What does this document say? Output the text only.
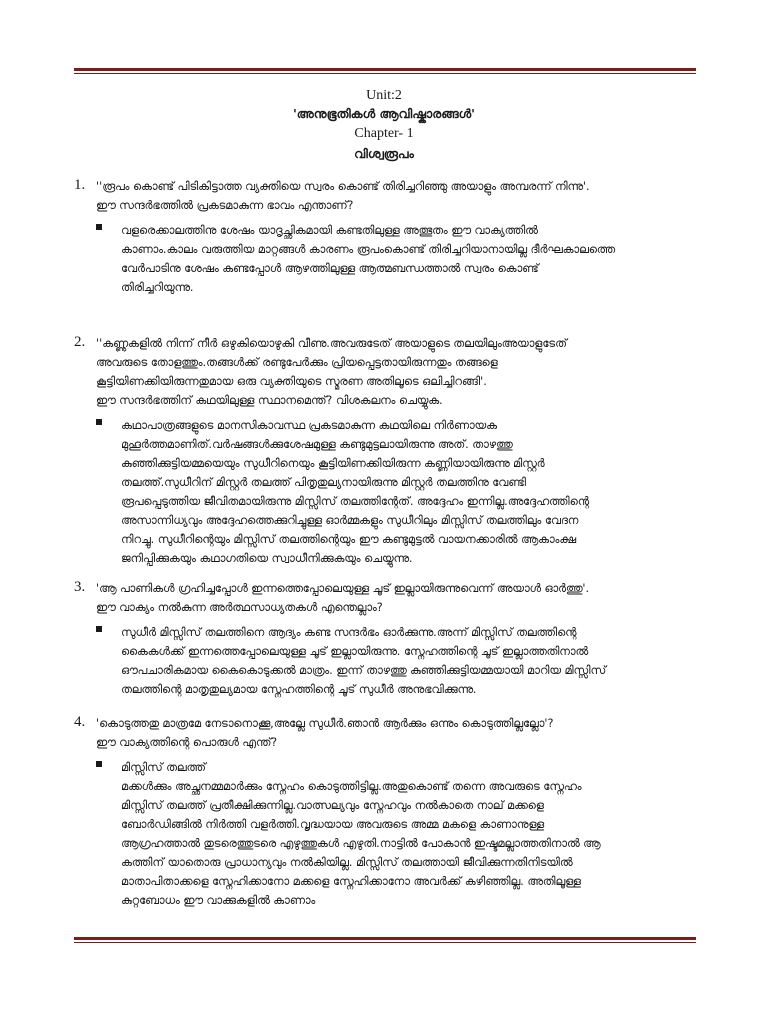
Unit:2
'അനുഭൂതികൾ ആവിഷ്കാരങ്ങൾ'
Chapter- 1
വിശ്വരൂപം
1. ''രൂപം കൊണ്ട് പിടികിട്ടാത്ത വ്യക്തിയെ സ്വരം കൊണ്ട് തിരിച്ചറിഞ്ഞു അയാളും അമ്പരന്ന് നിന്നു'.
ഈ സന്ദർഭത്തിൽ പ്രകടമാകുന്ന ഭാവം എന്താണ്?
വളരെക്കാലത്തിനു ശേഷം യാദൃച്ഛികമായി കണ്ടതിലുള്ള അത്ഭുതം ഈ വാക്യത്തിൽ
കാണാം.കാലം വരുത്തിയ മാറ്റങ്ങൾ കാരണം രൂപംകൊണ്ട് തിരിച്ചറിയാനായില്ല ദീർഘകാലത്തെ
വേർപാടിനു ശേഷം കണ്ടപ്പോൾ ആഴത്തിലുള്ള ആത്മബന്ധത്താൽ സ്വരം കൊണ്ട്
തിരിച്ചറിയുന്നു.
2. ''കണ്ണുകളിൽ നിന്ന് നീർ ഒഴുകിയൊഴുകി വീണു.അവരുടേത് അയാളുടെ തലയിലുംഅയാളുടേത്
അവരുടെ തോളത്തും.തങ്ങൾക്ക് രണ്ടുപേർക്കും പ്രിയപ്പെട്ടതായിരുന്നതും തങ്ങളെ
കൂട്ടിയിണക്കിയിരുന്നതുമായ ഒരു വ്യക്തിയുടെ സ്മരണ അതിലൂടെ ഒലിച്ചിറങ്ങി'.
ഈ സന്ദർഭത്തിന് കഥയിലുള്ള സ്ഥാനമെന്ത്? വിശകലനം ചെയ്യുക.
കഥാപാത്രങ്ങളുടെ മാനസികാവസ്ഥ പ്രകടമാകുന്ന കഥയിലെ നിർണായക
മുഹൂർത്തമാണിത്.വർഷങ്ങൾക്കുശേഷമുള്ള കണ്ടുമുട്ടലായിരുന്നു അത്. താഴത്തു
കുഞ്ഞിക്കുട്ടിയമ്മയെയും സുധീറിനെയും കൂട്ടിയിണക്കിയിരുന്ന കണ്ണിയായിരുന്നു മിസ്റ്റർ
തലത്ത്.സുധീറിന് മിസ്റ്റർ തലത്ത് പിതൃതുല്യനായിരുന്നു മിസ്റ്റർ തലത്തിനു വേണ്ടി
രൂപപ്പെടുത്തിയ ജീവിതമായിരുന്നു മിസ്സിസ് തലത്തിന്റേത്. അദ്ദേഹം ഇന്നില്ല.അദ്ദേഹത്തിന്റെ
അസാന്നിധ്യവും അദ്ദേഹത്തെക്കുറിച്ചുള്ള ഓർമ്മകളും സുധീറിലും മിസ്സിസ് തലത്തിലും വേദന
നിറച്ചു. സുധീറിന്റെയും മിസ്സിസ് തലത്തിന്റെയും ഈ കണ്ടുമുട്ടൽ വായനക്കാരിൽ ആകാംക്ഷ
ജനിപ്പിക്കുകയും കഥാഗതിയെ സ്വാധീനിക്കുകയും ചെയ്യുന്നു.
3. 'ആ പാണികൾ ഗ്രഹിച്ചപ്പോൾ ഇന്നത്തെപ്പോലെയുള്ള ചൂട് ഇല്ലായിരുന്നുവെന്ന് അയാൾ ഓർത്തു'.
ഈ വാക്യം നൽകുന്ന അർത്ഥസാധ്യതകൾ എന്തെല്ലാം?
സുധീർ മിസ്സിസ് തലത്തിനെ ആദ്യം കണ്ട സന്ദർഭം ഓർക്കുന്നു.അന്ന് മിസ്സിസ് തലത്തിന്റെ
കൈകൾക്ക് ഇന്നത്തെപ്പോലെയുള്ള ചൂട് ഇല്ലായിരുന്നു. സ്നേഹത്തിന്റെ ചൂട് ഇല്ലാത്തതിനാൽ
ഔപചാരികമായ കൈകൊടുക്കൽ മാത്രം. ഇന്ന് താഴത്തു കുഞ്ഞിക്കുട്ടിയമ്മയായി മാറിയ മിസ്സിസ്
തലത്തിന്റെ മാതൃതുല്യമായ സ്നേഹത്തിന്റെ ചൂട് സുധീർ അനുഭവിക്കുന്നു.
4. 'കൊടുത്തതു മാത്രമേ നേടാനൊക്കൂ,അല്ലേ സുധീർ.ഞാൻ ആർക്കും ഒന്നും കൊടുത്തില്ലല്ലോ'?
ഈ വാക്യത്തിന്റെ പൊരുൾ എന്ത്?
മിസ്സിസ് തലത്ത്
മക്കൾക്കും അച്ഛനമ്മമാർക്കും സ്നേഹം കൊടുത്തിട്ടില്ല.അതുകൊണ്ട് തന്നെ അവരുടെ സ്നേഹം
മിസ്സിസ് തലത്ത് പ്രതീക്ഷിക്കുന്നില്ല.വാത്സല്യവും സ്നേഹവും നൽകാതെ നാല് മക്കളെ
ബോർഡിങ്ങിൽ നിർത്തി വളർത്തി.വൃദ്ധയായ അവരുടെ അമ്മ മകളെ കാണാനുള്ള
ആഗ്രഹത്താൽ തുടരെത്തുടരെ എഴുത്തുകൾ എഴുതി.നാട്ടിൽ പോകാൻ ഇഷ്ടമല്ലാത്തതിനാൽ ആ
കത്തിന് യാതൊരു പ്രാധാന്യവും നൽകിയില്ല. മിസ്സിസ് തലത്തായി ജീവിക്കുന്നതിനിടയിൽ
മാതാപിതാക്കളെ സ്നേഹിക്കാനോ മക്കളെ സ്നേഹിക്കാനോ അവർക്ക് കഴിഞ്ഞില്ല. അതിലൂള്ള
കുറ്റബോധം ഈ വാക്കുകളിൽ കാണാം
